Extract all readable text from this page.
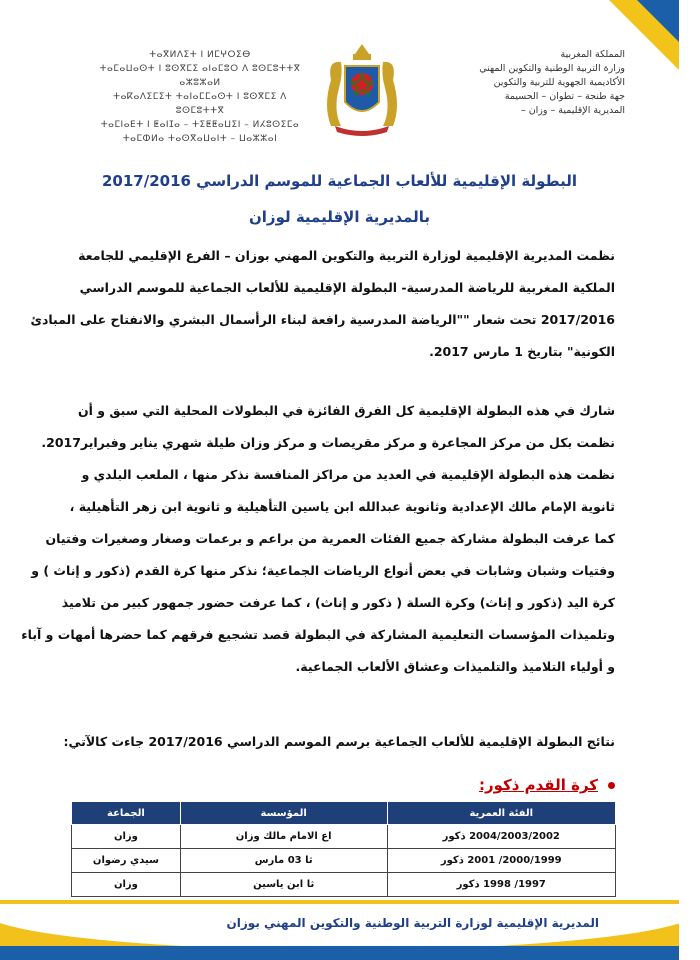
ⵜⴰⴳⵍⴷⵉⵜ ⵏ ⵍⵎⵖⵔⵉⴱ
ⵜⴰⵎⴰⵡⴰⵙⵜ ⵏ ⵓⵙⴳⵎⵉ ⴰⵏⴰⵎⵓⵔ ⴷ ⵓⵙⵎⵓⵜⵜⴳ ⴰⵣⵓⵣⴰⵍ
ⵜⴰⴽⴰⴷⵉⵎⵉⵜ ⵜⴰⵏⴰⵎⵎⴰⵙⵜ ⵏ ⵓⵙⴳⵎⵉ ⴷ ⵓⵙⵎⵓⵜⵜⴳ
ⵜⴰⵎⵏⴰⴹⵜ ⵏ ⵟⴰⵏⵊⴰ – ⵜⵉⵟⵟⴰⵡⵉⵏ – ⵍⵃⵓⵙⵉⵎⴰ
ⵜⴰⵎⵀⵍⴰ ⵜⴰⵙⴳⴰⵡⴰⵏⵜ – ⵡⴰⵣⵣⴰⵏ
المملكة المغربية
وزارة التربية الوطنية والتكوين المهني
الأكاديمية الجهوية للتربية والتكوين
جهة طنجة – تطوان – الحسيمة
المديرية الإقليمية – وزان –
البطولة الإقليمية للألعاب الجماعية للموسم الدراسي 2017/2016
بالمديرية الإقليمية لوزان
نظمت المديرية الإقليمية لوزارة التربية والتكوين المهني بوزان – الفرع الإقليمي للجامعة
الملكية المغربية للرياضة المدرسية- البطولة الإقليمية للألعاب الجماعية للموسم الدراسي
2017/2016 تحت شعار ""الرياضة المدرسية رافعة لبناء الرأسمال البشري والانفتاح على المبادئ
الكونية" بتاريخ 1 مارس 2017.
شارك في هذه البطولة الإقليمية كل الفرق الفائزة في البطولات المحلية التي سبق و أن
نظمت بكل من مركز المجاعرة و مركز مقريصات و مركز وزان طيلة شهري يناير وفبراير2017.
نظمت هذه البطولة الإقليمية في العديد من مراكز المنافسة نذكر منها ، الملعب البلدي و
ثانوية الإمام مالك الإعدادية وثانوية عبدالله ابن ياسين التأهيلية و ثانوية ابن زهر التأهيلية ،
كما عرفت البطولة مشاركة جميع الفئات العمرية من براعم و برعمات وصغار وصغيرات وفتيان
وفتيات وشبان وشابات في بعض أنواع الرياضات الجماعية؛ نذكر منها كرة القدم (ذكور و إناث ) و
كرة اليد (ذكور و إناث) وكرة السلة ( ذكور و إناث) ، كما عرفت حضور جمهور كبير من تلاميذ
وتلميذات المؤسسات التعليمية المشاركة في البطولة قصد تشجيع فرقهم كما حضرها أمهات و آباء
و أولياء التلاميذ والتلميذات وعشاق الألعاب الجماعية.
نتائج البطولة الإقليمية للألعاب الجماعية برسم الموسم الدراسي 2017/2016 جاءت كالآتي:
كرة القدم ذكور:
الفئة العمرية	المؤسسة	الجماعة
2004/2003/2002 ذكور	اع الامام مالك وزان	وزان
2000/1999/ 2001 ذكور	ثا 03 مارس	سيدي رضوان
1997/ 1998 ذكور	ثا ابن ياسين	وزان
المديرية الإقليمية لوزارة التربية الوطنية والتكوين المهني بوزان
